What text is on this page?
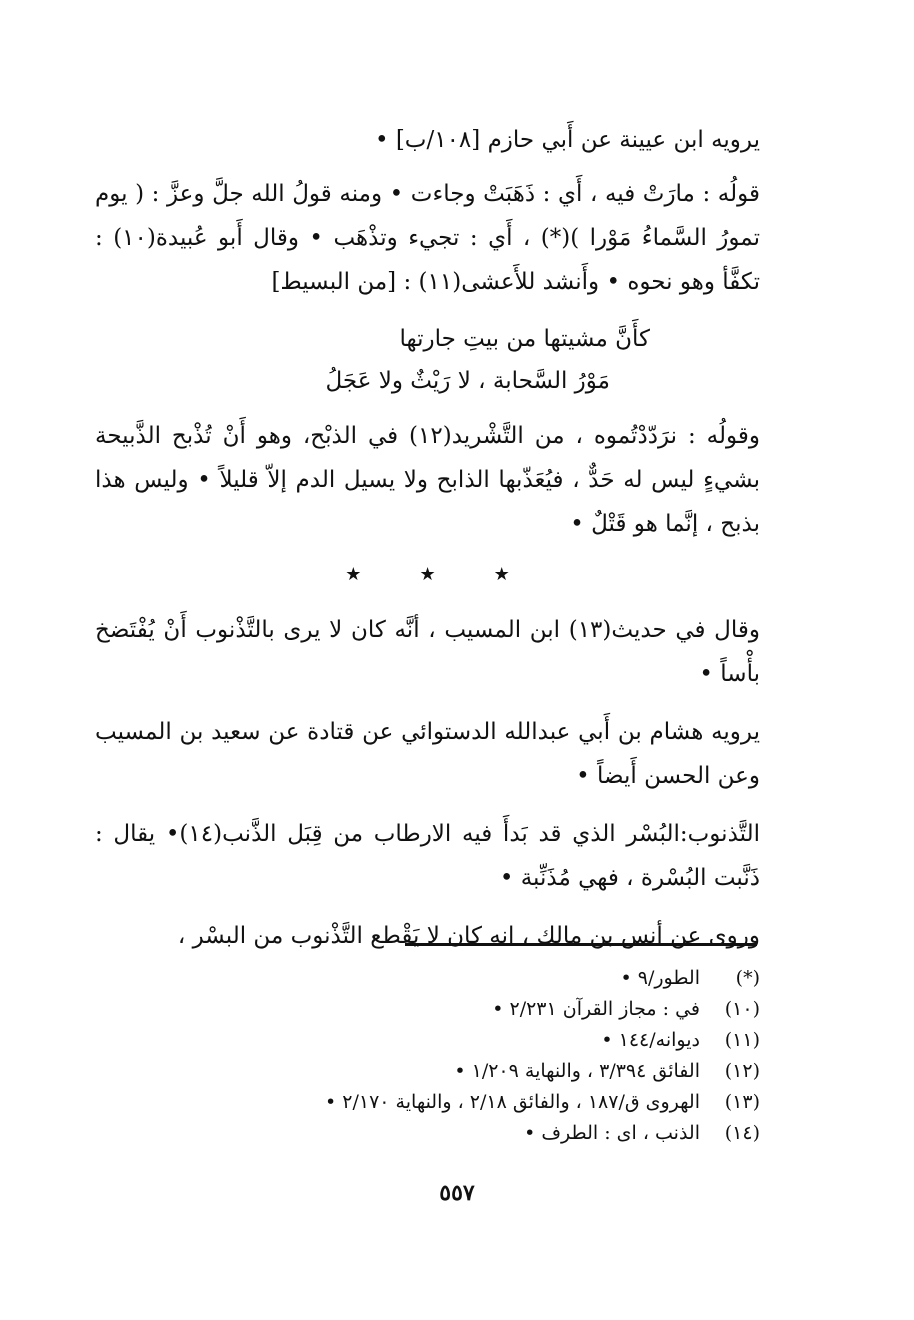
يرويه ابن عيينة عن أَبي حازم [١٠٨/ب] •

قولُه : مارَتْ فيه ، أَي : ذَهَبَتْ وجاءت • ومنه قولُ الله جلَّ وعزَّ : ( يوم تمورُ السَّماءُ مَوْرا )(*) ، أَي : تجيء وتذْهَب • وقال أَبو عُبيدة(١٠) : تكفَّأ وهو نحوه • وأَنشد للأَعشى(١١) : [من البسيط]

كأَنَّ مشيتها من بيتِ جارتها
مَوْرُ السَّحابة ، لا رَيْثٌ ولا عَجَلُ

وقولُه : نرَدّدْتُموه ، من التَّشْريد(١٢) في الذبْح، وهو أَنْ تُذْبح الذَّبيحة بشيءٍ ليس له حَدٌّ ، فيُعَذّبها الذابح ولا يسيل الدم إلاّ قليلاً • وليس هذا بذبح ، إنَّما هو قَتْلٌ •

★
★
★

وقال في حديث(١٣) ابن المسيب ، أنَّه كان لا يرى بالتَّذْنوب أَنْ يُفْتَضخ بأْساً •

يرويه هشام بن أَبي عبدالله الدستوائي عن قتادة عن سعيد بن المسيب وعن الحسن أَيضاً •

التَّذنوب:البُسْر الذي قد بَدأَ فيه الارطاب من قِبَل الذَّنب(١٤)• يقال : ذَنَّبت البُسْرة ، فهي مُذَنِّبة •

وروى عن أنس بن مالك ، انه كان لا يَقْطع التَّذْنوب من البسْر ،

(*)
الطور/٩ •
(١٠)
في : مجاز القرآن ٢/٢٣١ •
(١١)
ديوانه/١٤٤ •
(١٢)
الفائق ٣/٣٩٤ ، والنهاية ١/٢٠٩ •
(١٣)
الهروى ق/١٨٧ ، والفائق ٢/١٨ ، والنهاية ٢/١٧٠ •
(١٤)
الذنب ، اى : الطرف •
٥٥٧
